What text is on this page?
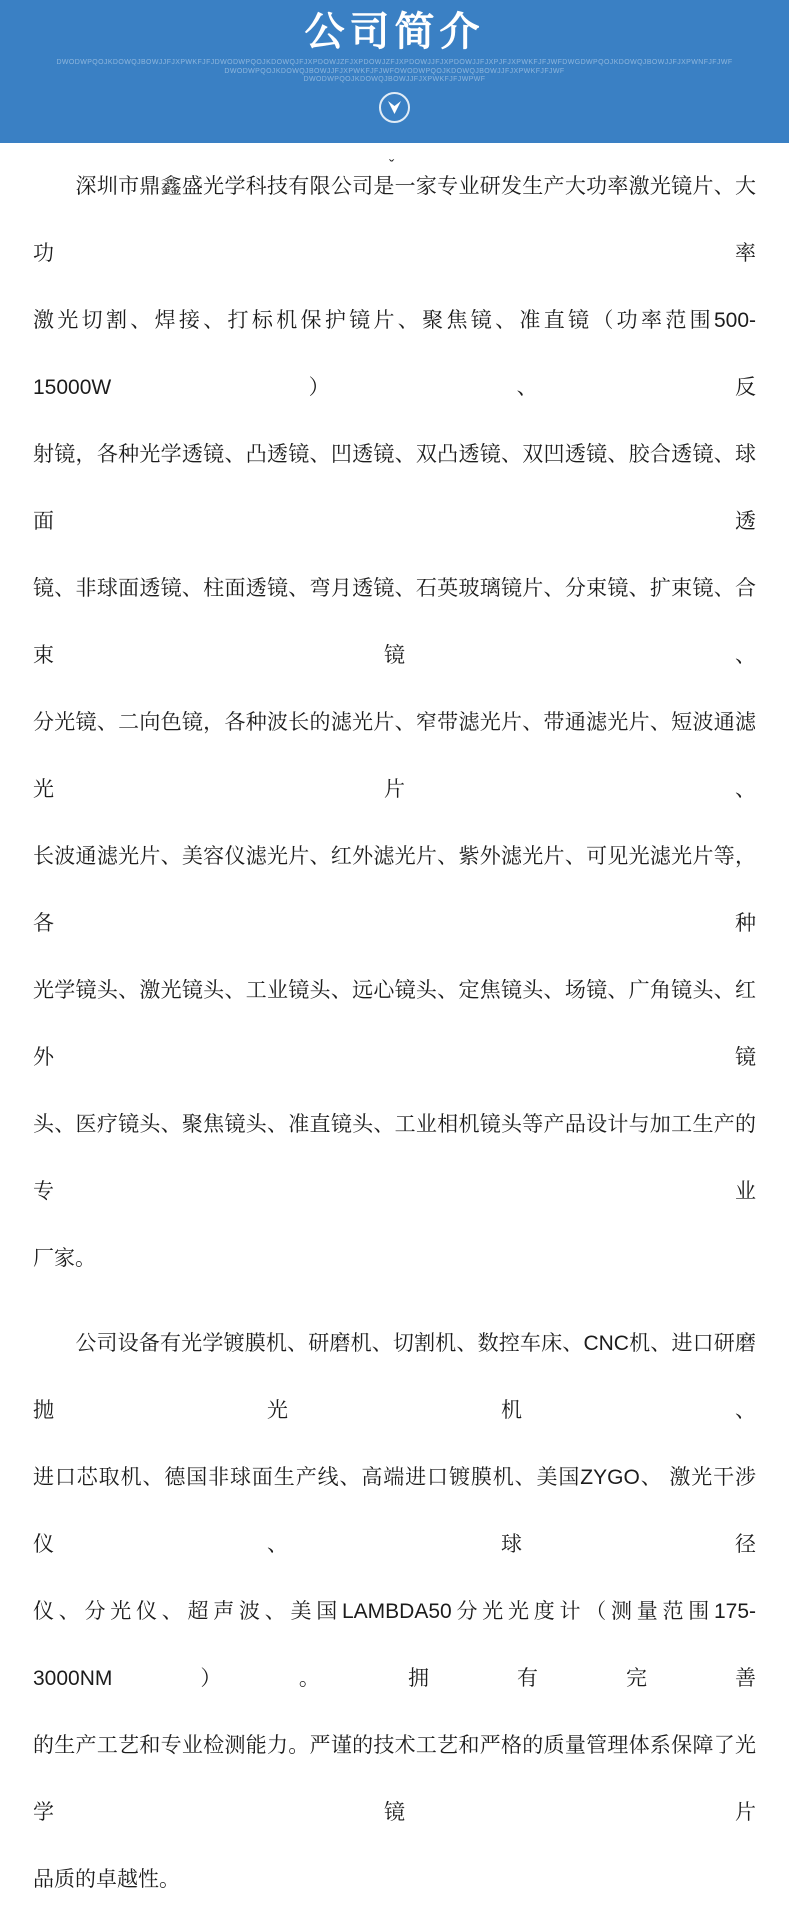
公司简介
DWODWPQOJKDOWQJBOWJJFJXPWKFJFJDWODWPQOJKDOWQJFJXPDOWJZFJXPDOWJZFJXPDOWJJFJXPDOWJJFJXPJFJXPWKFJFJWFDWGDWPQOJKDOWQJBOWJJFJXPWNFJFJWF
DWODWPQOJKDOWQJBOWJJFJXPWKFJFJWFOWODWPQOJKDOWQJBOWJJFJXPWKFJFJWF
DWODWPQOJKDOWQJBOWJJFJXPWKFJFJWPWF
ˇ
　　深圳市鼎鑫盛光学科技有限公司是一家专业研发生产大功率激光镜片、大功率
激光切割、焊接、打标机保护镜片、聚焦镜、准直镜（功率范围500-15000W）、反
射镜，各种光学透镜、凸透镜、凹透镜、双凸透镜、双凹透镜、胶合透镜、球面透
镜、非球面透镜、柱面透镜、弯月透镜、石英玻璃镜片、分束镜、扩束镜、合束镜、
分光镜、二向色镜，各种波长的滤光片、窄带滤光片、带通滤光片、短波通滤光片、
长波通滤光片、美容仪滤光片、红外滤光片、紫外滤光片、可见光滤光片等，各种
光学镜头、激光镜头、工业镜头、远心镜头、定焦镜头、场镜、广角镜头、红外镜
头、医疗镜头、聚焦镜头、准直镜头、工业相机镜头等产品设计与加工生产的专业
厂家。
　　公司设备有光学镀膜机、研磨机、切割机、数控车床、CNC机、进口研磨抛光机、
进口芯取机、德国非球面生产线、高端进口镀膜机、美国ZYGO、 激光干涉仪、球径
仪、分光仪、超声波、美国LAMBDA50分光光度计（测量范围175-3000NM）。拥有完善
的生产工艺和专业检测能力。严谨的技术工艺和严格的质量管理体系保障了光学镜片
品质的卓越性。
